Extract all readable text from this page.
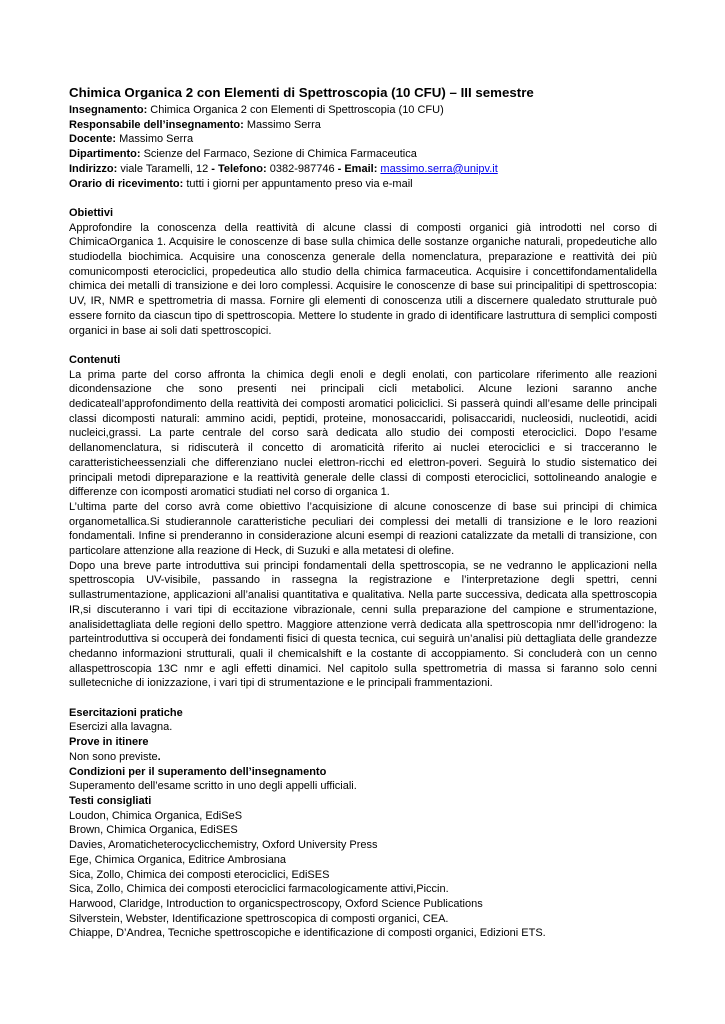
Chimica Organica 2 con Elementi di Spettroscopia (10 CFU) – III semestre

Insegnamento: Chimica Organica 2 con Elementi di Spettroscopia (10 CFU)

Responsabile dell’insegnamento: Massimo Serra

Docente: Massimo Serra

Dipartimento: Scienze del Farmaco, Sezione di Chimica Farmaceutica

Indirizzo: viale Taramelli, 12 - Telefono: 0382-987746 - Email: massimo.serra@unipv.it

Orario di ricevimento: tutti i giorni per appuntamento preso via e-mail

Obiettivi

Approfondire la conoscenza della reattività di alcune classi di composti organici già introdotti nel corso di ChimicaOrganica 1. Acquisire le conoscenze di base sulla chimica delle sostanze organiche naturali, propedeutiche allo studiodella biochimica. Acquisire una conoscenza generale della nomenclatura, preparazione e reattività dei più comunicomposti eterociclici, propedeutica allo studio della chimica farmaceutica. Acquisire i concettifondamentalidella chimica dei metalli di transizione e dei loro complessi. Acquisire le conoscenze di base sui principalitipi di spettroscopia: UV, IR, NMR e spettrometria di massa. Fornire gli elementi di conoscenza utili a discernere qualedato strutturale può essere fornito da ciascun tipo di spettroscopia. Mettere lo studente in grado di identificare lastruttura di semplici composti organici in base ai soli dati spettroscopici.

Contenuti

La prima parte del corso affronta la chimica degli enoli e degli enolati, con particolare riferimento alle reazioni dicondensazione che sono presenti nei principali cicli metabolici. Alcune lezioni saranno anche dedicateall’approfondimento della reattività dei composti aromatici policiclici. Si passerà quindi all’esame delle principali classi dicomposti naturali: ammino acidi, peptidi, proteine, monosaccaridi, polisaccaridi, nucleosidi, nucleotidi, acidi nucleici,grassi. La parte centrale del corso sarà dedicata allo studio dei composti eterociclici. Dopo l’esame dellanomenclatura, si ridiscuterà il concetto di aromaticità riferito ai nuclei eterociclici e si tracceranno le caratteristicheessenziali che differenziano nuclei elettron-ricchi ed elettron-poveri. Seguirà lo studio sistematico dei principali metodi dipreparazione e la reattività generale delle classi di composti eterociclici, sottolineando analogie e differenze con icomposti aromatici studiati nel corso di organica 1.

L’ultima parte del corso avrà come obiettivo l’acquisizione di alcune conoscenze di base sui principi di chimica organometallica.Si studierannole caratteristiche peculiari dei complessi dei metalli di transizione e le loro reazioni fondamentali. Infine si prenderanno in considerazione alcuni esempi di reazioni catalizzate da metalli di transizione, con particolare attenzione alla reazione di Heck, di Suzuki e alla metatesi di olefine.

Dopo una breve parte introduttiva sui principi fondamentali della spettroscopia, se ne vedranno le applicazioni nella spettroscopia UV-visibile, passando in rassegna la registrazione e l’interpretazione degli spettri, cenni sullastrumentazione, applicazioni all’analisi quantitativa e qualitativa. Nella parte successiva, dedicata alla spettroscopia IR,si discuteranno i vari tipi di eccitazione vibrazionale, cenni sulla preparazione del campione e strumentazione, analisidettagliata delle regioni dello spettro. Maggiore attenzione verrà dedicata alla spettroscopia nmr dell’idrogeno: la parteintroduttiva si occuperà dei fondamenti fisici di questa tecnica, cui seguirà un’analisi più dettagliata delle grandezze chedanno informazioni strutturali, quali il chemicalshift e la costante di accoppiamento. Si concluderà con un cenno allaspettroscopia 13C nmr e agli effetti dinamici. Nel capitolo sulla spettrometria di massa si faranno solo cenni sulletecniche di ionizzazione, i vari tipi di strumentazione e le principali frammentazioni.

Esercitazioni pratiche

Esercizi alla lavagna.

Prove in itinere

Non sono previste.

Condizioni per il superamento dell’insegnamento

Superamento dell’esame scritto in uno degli appelli ufficiali.

Testi consigliati

Loudon, Chimica Organica, EdiSeS

Brown, Chimica Organica, EdiSES

Davies, Aromaticheterocyclicchemistry, Oxford University Press

Ege, Chimica Organica, Editrice Ambrosiana

Sica, Zollo, Chimica dei composti eterociclici, EdiSES

Sica, Zollo, Chimica dei composti eterociclici farmacologicamente attivi,Piccin.

Harwood, Claridge, Introduction to organicspectroscopy, Oxford Science Publications

Silverstein, Webster, Identificazione spettroscopica di composti organici, CEA.

Chiappe, D’Andrea, Tecniche spettroscopiche e identificazione di composti organici, Edizioni ETS.
